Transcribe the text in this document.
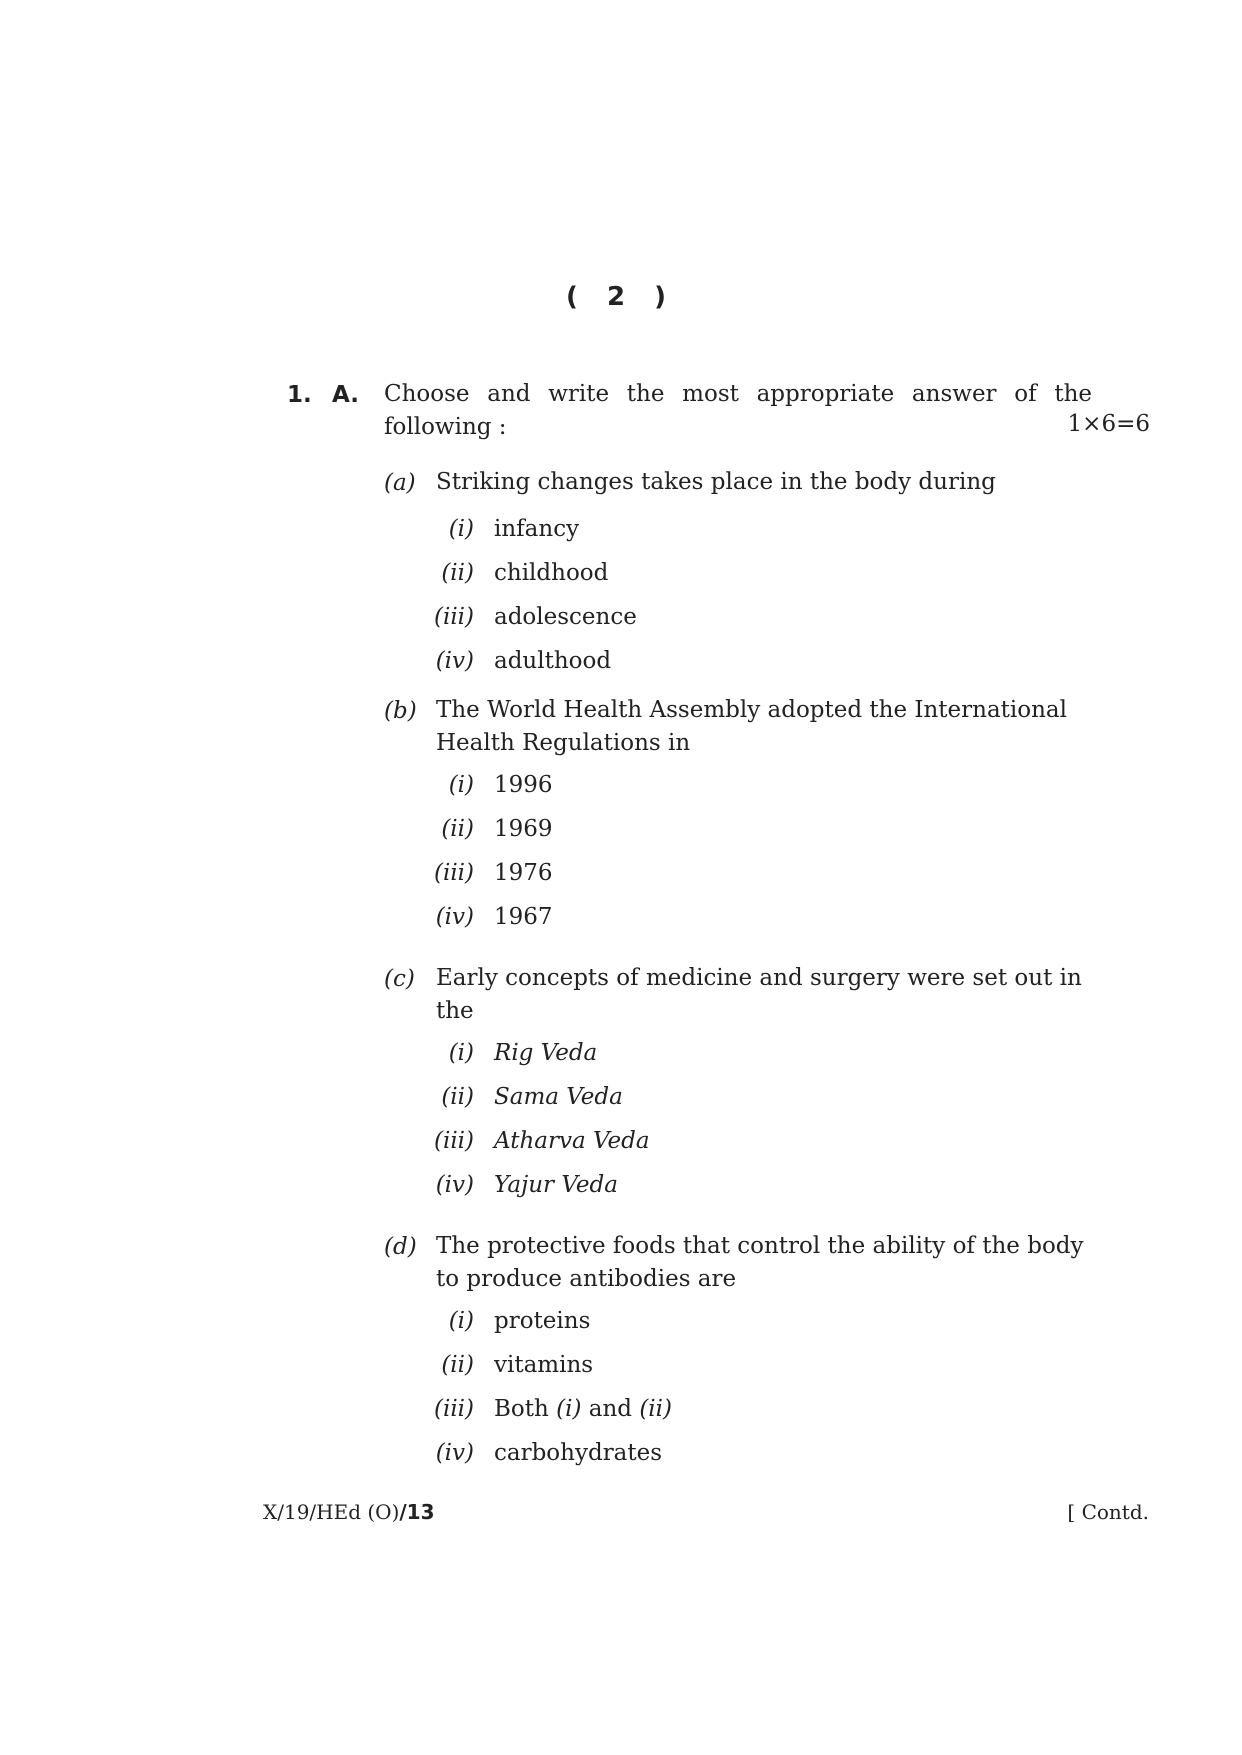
( 2 )
1. A. Choose and write the most appropriate answer of the following :	1×6=6
(a) Striking changes takes place in the body during
(i) infancy
(ii) childhood
(iii) adolescence
(iv) adulthood
(b) The World Health Assembly adopted the International Health Regulations in
(i) 1996
(ii) 1969
(iii) 1976
(iv) 1967
(c) Early concepts of medicine and surgery were set out in the
(i) Rig Veda
(ii) Sama Veda
(iii) Atharva Veda
(iv) Yajur Veda
(d) The protective foods that control the ability of the body to produce antibodies are
(i) proteins
(ii) vitamins
(iii) Both (i) and (ii)
(iv) carbohydrates
X/19/HEd (O)/13	[ Contd.
